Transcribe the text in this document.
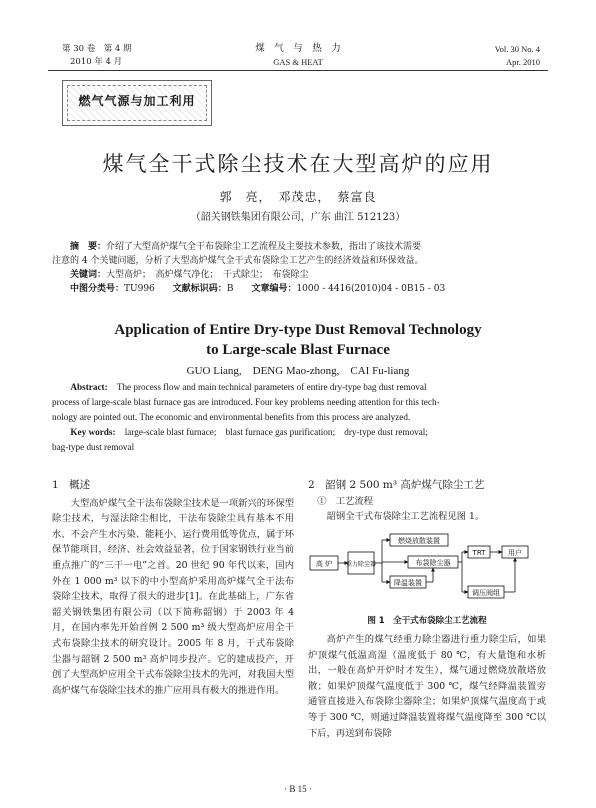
第 30 卷　第 4 期
2010 年 4 月
煤　气　与　热　力
GAS & HEAT
Vol. 30 No. 4
Apr. 2010
燃气气源与加工利用
煤气全干式除尘技术在大型高炉的应用
郭　亮，　邓茂忠，　蔡富良
（韶关钢铁集团有限公司，广东 曲江 512123）
摘　要：介绍了大型高炉煤气全干布袋除尘工艺流程及主要技术参数，指出了该技术需要
注意的 4 个关键问题，分析了大型高炉煤气全干式布袋除尘工艺产生的经济效益和环保效益。
关键词：大型高炉；　高炉煤气净化；　干式除尘；　布袋除尘
中图分类号：TU996 文献标识码：B 文章编号：1000 - 4416(2010)04 - 0B15 - 03
Application of Entire Dry-type Dust Removal Technology
to Large-scale Blast Furnace
GUO Liang,　DENG Mao-zhong,　CAI Fu-liang
Abstract:　 The process flow and main technical parameters of entire dry-type bag dust removal
process of large-scale blast furnace gas are introduced. Four key problems needing attention for this tech-
nology are pointed out. The economic and environmental benefits from this process are analyzed.
Key words:　 large-scale blast furnace;　blast furnace gas purification;　dry-type dust removal;
bag-type dust removal
1　概述

大型高炉煤气全干法布袋除尘技术是一项新兴的环保型除尘技术，与湿法除尘相比，干法布袋除尘具有基本不用水、不会产生水污染、能耗小、运行费用低等优点，属于环保节能项目，经济、社会效益显著，位于国家钢铁行业当前重点推广的“三干一电”之首。20 世纪 90 年代以来，国内外在 1 000 m³ 以下的中小型高炉采用高炉煤气全干法布袋除尘技术，取得了很大的进步[1]。在此基础上，广东省韶关钢铁集团有限公司（以下简称韶钢）于 2003 年 4 月，在国内率先开始首例 2 500 m³ 级大型高炉应用全干式布袋除尘技术的研究设计。2005 年 8 月，干式布袋除尘器与韶钢 2 500 m³ 高炉同步投产。它的建成投产，开创了大型高炉应用全干式布袋除尘技术的先河，对我国大型高炉煤气布袋除尘技术的推广应用具有极大的推进作用。

2　韶钢 2 500 m³ 高炉煤气除尘工艺
①　工艺流程
韶钢全干式布袋除尘工艺流程见图 1。
高 炉 重力除尘器
燃烧放散装置
布袋除尘器
降温装置
TRT	用户
调压阀组
图 1　全干式布袋除尘工艺流程

高炉产生的煤气经重力除尘器进行重力除尘后，如果炉顶煤气低温高湿（温度低于 80 ℃，有大量饱和水析出，一般在高炉开炉时才发生），煤气通过燃烧放散塔放散；如果炉顶煤气温度低于 300 ℃，煤气经降温装置旁通管直接进入布袋除尘器除尘；如果炉顶煤气温度高于或等于 300 ℃，则通过降温装置将煤气温度降至 300 ℃以下后，再送到布袋除

· B 15 ·
